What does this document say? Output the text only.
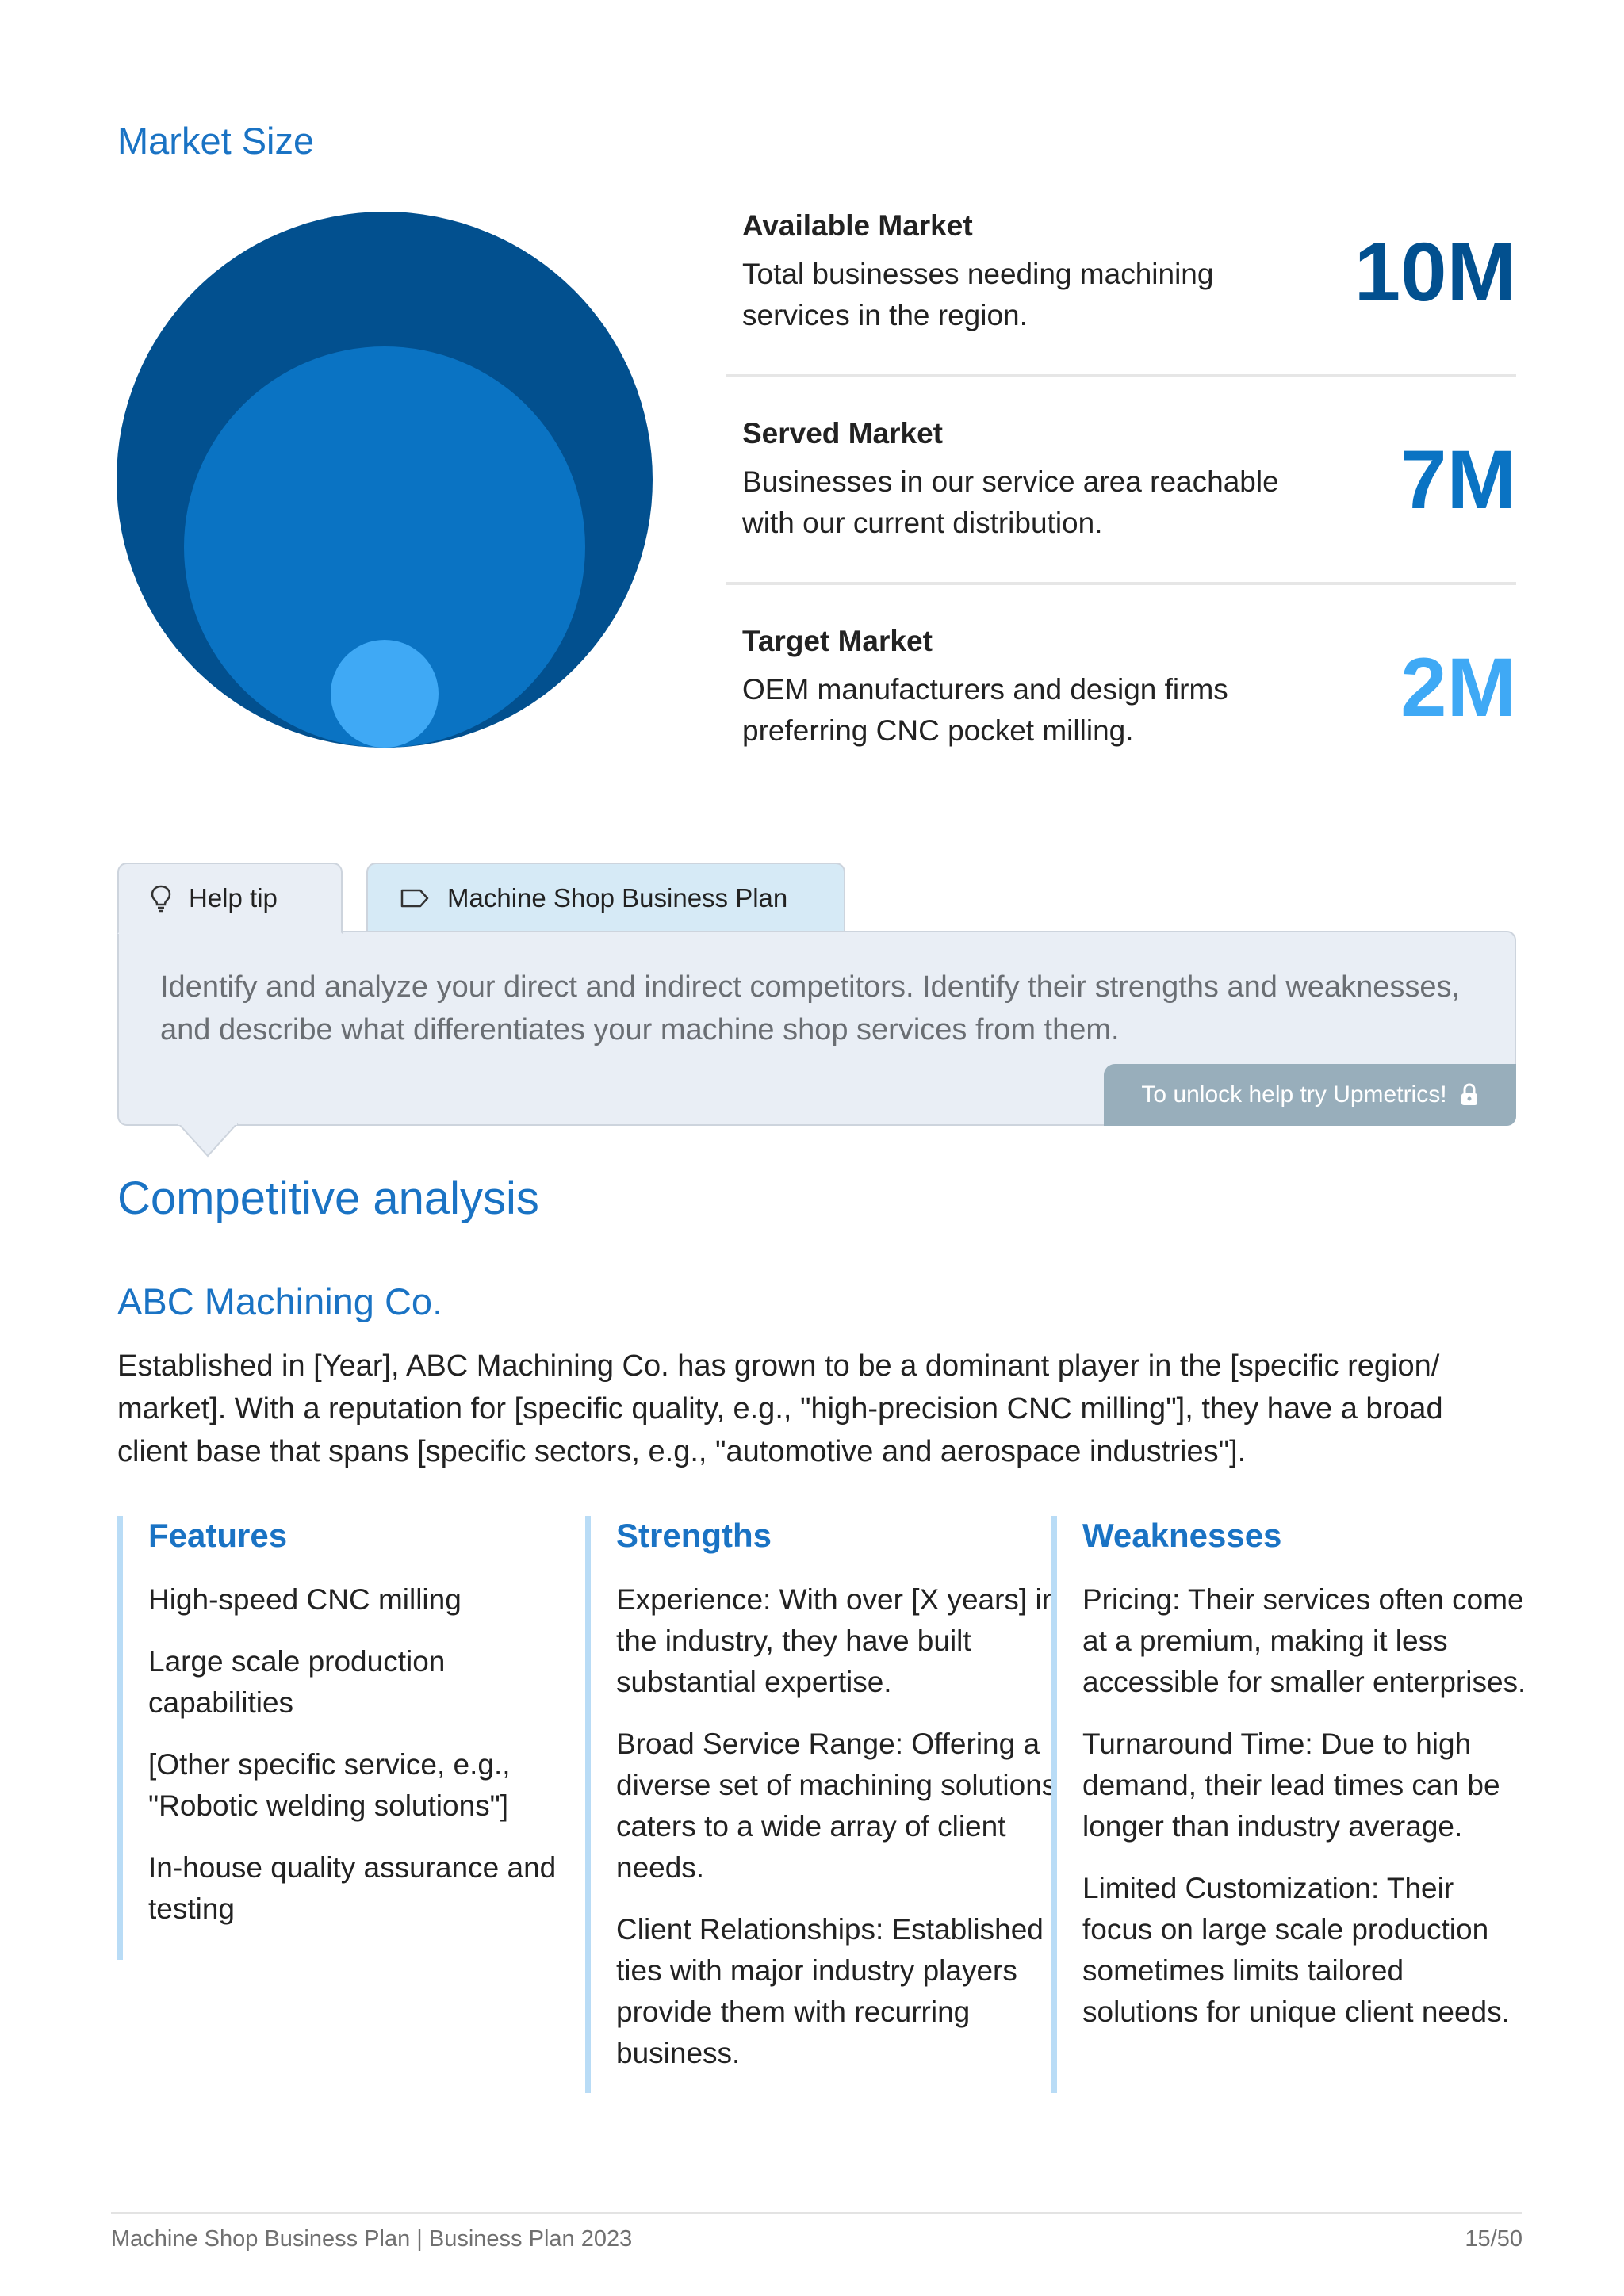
Market Size
Available Market
Total businesses needing machining services in the region.	10M
Served Market
Businesses in our service area reachable with our current distribution.	7M
Target Market
OEM manufacturers and design firms preferring CNC pocket milling.	2M
Help tip	Machine Shop Business Plan
Identify and analyze your direct and indirect competitors. Identify their strengths and weaknesses, and describe what differentiates your machine shop services from them.
To unlock help try Upmetrics!
Competitive analysis
ABC Machining Co.

Established in [Year], ABC Machining Co. has grown to be a dominant player in the [specific region/ market]. With a reputation for [specific quality, e.g., "high-precision CNC milling"], they have a broad client base that spans [specific sectors, e.g., "automotive and aerospace industries"].

Features

High-speed CNC milling

Large scale production capabilities

[Other specific service, e.g., "Robotic welding solutions"]

In-house quality assurance and testing

Strengths

Experience: With over [X years] in the industry, they have built substantial expertise.

Broad Service Range: Offering a diverse set of machining solutions caters to a wide array of client needs.

Client Relationships: Established ties with major industry players provide them with recurring business.

Weaknesses

Pricing: Their services often come at a premium, making it less accessible for smaller enterprises.

Turnaround Time: Due to high demand, their lead times can be longer than industry average.

Limited Customization: Their focus on large scale production sometimes limits tailored solutions for unique client needs.

Machine Shop Business Plan | Business Plan 2023	15/50
